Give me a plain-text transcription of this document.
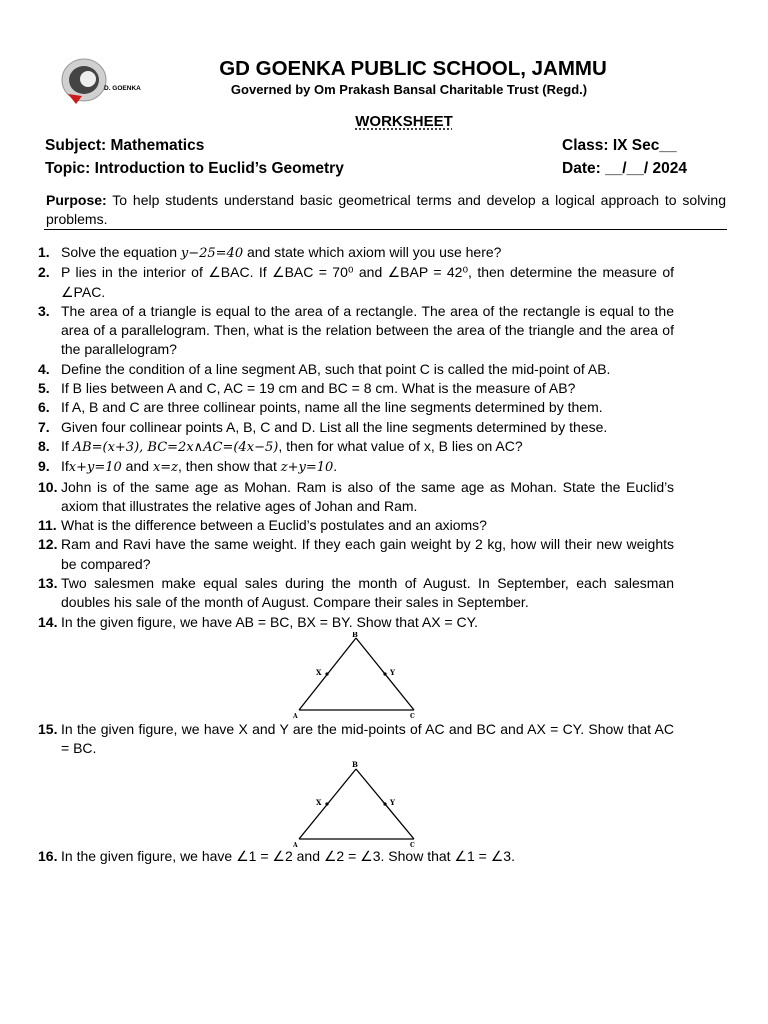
D. GOENKA
GD GOENKA PUBLIC SCHOOL, JAMMU
Governed by Om Prakash Bansal Charitable Trust (Regd.)
WORKSHEET
Subject: Mathematics
Topic: Introduction to Euclid’s Geometry
Class: IX Sec__
Date: __/__/ 2024
Purpose: To help students understand basic geometrical terms and develop a logical approach to solving problems.
1. Solve the equation y−25=40 and state which axiom will you use here?
2. P lies in the interior of ∠BAC. If ∠BAC = 70⁰ and ∠BAP = 42⁰, then determine the measure of ∠PAC.
3. The area of a triangle is equal to the area of a rectangle. The area of the rectangle is equal to the area of a parallelogram. Then, what is the relation between the area of the triangle and the area of the parallelogram?
4. Define the condition of a line segment AB, such that point C is called the mid-point of AB.
5. If B lies between A and C, AC = 19 cm and BC = 8 cm. What is the measure of AB?
6. If A, B and C are three collinear points, name all the line segments determined by them.
7. Given four collinear points A, B, C and D. List all the line segments determined by these.
8. If AB=(x+3), BC=2x∧AC=(4x−5), then for what value of x, B lies on AC?
9. Ifx+y=10 and x=z, then show that z+y=10.
10. John is of the same age as Mohan. Ram is also of the same age as Mohan. State the Euclid’s axiom that illustrates the relative ages of Johan and Ram.
11. What is the difference between a Euclid’s postulates and an axioms?
12. Ram and Ravi have the same weight. If they each gain weight by 2 kg, how will their new weights be compared?
13. Two salesmen make equal sales during the month of August. In September, each salesman doubles his sale of the month of August. Compare their sales in September.
14. In the given figure, we have AB = BC, BX = BY. Show that AX = CY.
B
X	Y
A	C
15. In the given figure, we have X and Y are the mid-points of AC and BC and AX = CY. Show that AC = BC.
B
X	Y
A	C
16. In the given figure, we have ∠1 = ∠2 and ∠2 = ∠3. Show that ∠1 = ∠3.
